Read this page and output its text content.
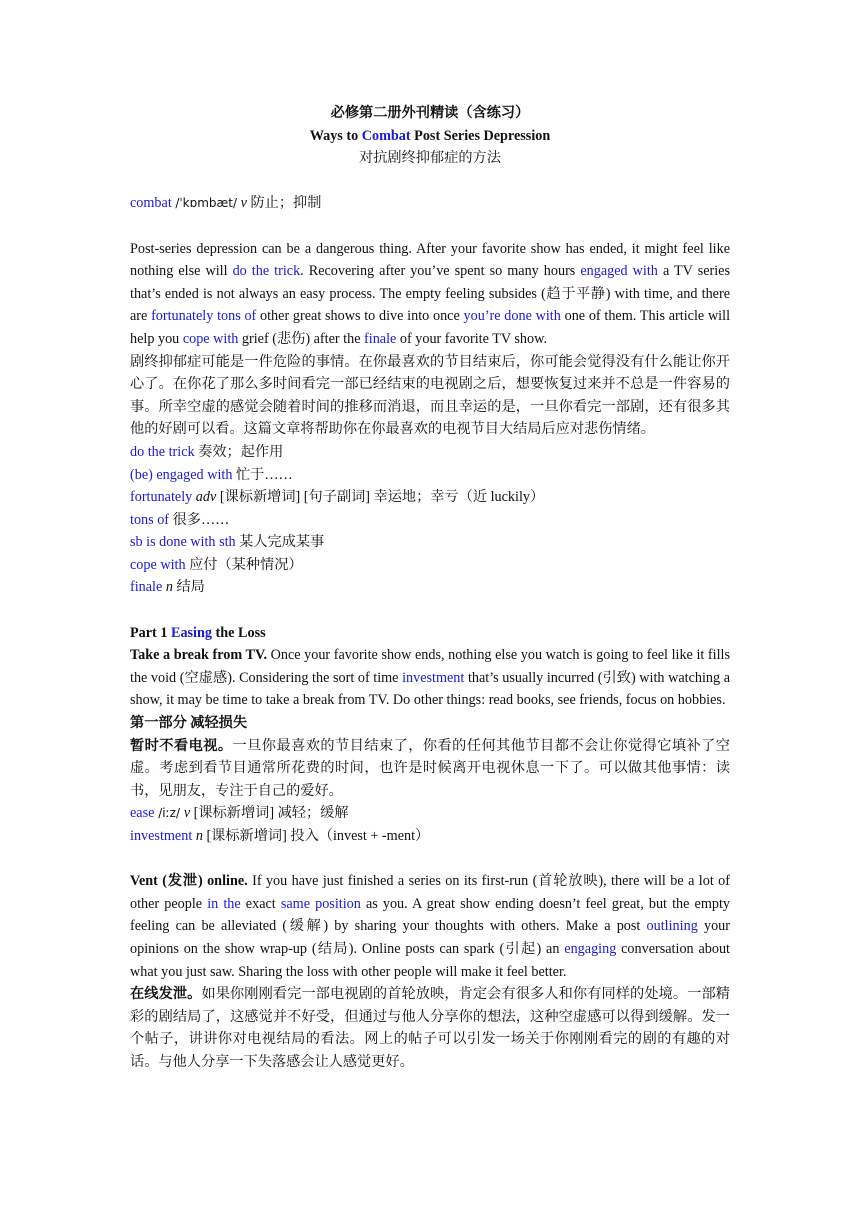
必修第二册外刊精读（含练习）
Ways to Combat Post Series Depression
对抗剧终抑郁症的方法

combat /ˈkɒmbæt/ v 防止；抑制

Post-series depression can be a dangerous thing. After your favorite show has ended, it might feel like nothing else will do the trick. Recovering after you’ve spent so many hours engaged with a TV series that’s ended is not always an easy process. The empty feeling subsides (趋于平静) with time, and there are fortunately tons of other great shows to dive into once you’re done with one of them. This article will help you cope with grief (悲伤) after the finale of your favorite TV show.

剧终抑郁症可能是一件危险的事情。在你最喜欢的节目结束后，你可能会觉得没有什么能让你开心了。在你花了那么多时间看完一部已经结束的电视剧之后，想要恢复过来并不总是一件容易的事。所幸空虚的感觉会随着时间的推移而消退，而且幸运的是，一旦你看完一部剧，还有很多其他的好剧可以看。这篇文章将帮助你在你最喜欢的电视节目大结局后应对悲伤情绪。

do the trick 奏效；起作用

(be) engaged with 忙于……

fortunately adv [课标新增词] [句子副词] 幸运地；幸亏（近 luckily）

tons of 很多……

sb is done with sth 某人完成某事

cope with 应付（某种情况）

finale n 结局

Part 1 Easing the Loss

Take a break from TV. Once your favorite show ends, nothing else you watch is going to feel like it fills the void (空虚感). Considering the sort of time investment that’s usually incurred (引致) with watching a show, it may be time to take a break from TV. Do other things: read books, see friends, focus on hobbies.

第一部分 减轻损失

暂时不看电视。一旦你最喜欢的节目结束了，你看的任何其他节目都不会让你觉得它填补了空虚。考虑到看节目通常所花费的时间，也许是时候离开电视休息一下了。可以做其他事情：读书，见朋友，专注于自己的爱好。

ease /iːz/ v [课标新增词] 减轻；缓解

investment n [课标新增词] 投入（invest + -ment）

Vent (发泄) online. If you have just finished a series on its first-run (首轮放映), there will be a lot of other people in the exact same position as you. A great show ending doesn’t feel great, but the empty feeling can be alleviated (缓解) by sharing your thoughts with others. Make a post outlining your opinions on the show wrap-up (结局). Online posts can spark (引起) an engaging conversation about what you just saw. Sharing the loss with other people will make it feel better.

在线发泄。如果你刚刚看完一部电视剧的首轮放映，肯定会有很多人和你有同样的处境。一部精彩的剧结局了，这感觉并不好受，但通过与他人分享你的想法，这种空虚感可以得到缓解。发一个帖子，讲讲你对电视结局的看法。网上的帖子可以引发一场关于你刚刚看完的剧的有趣的对话。与他人分享一下失落感会让人感觉更好。
